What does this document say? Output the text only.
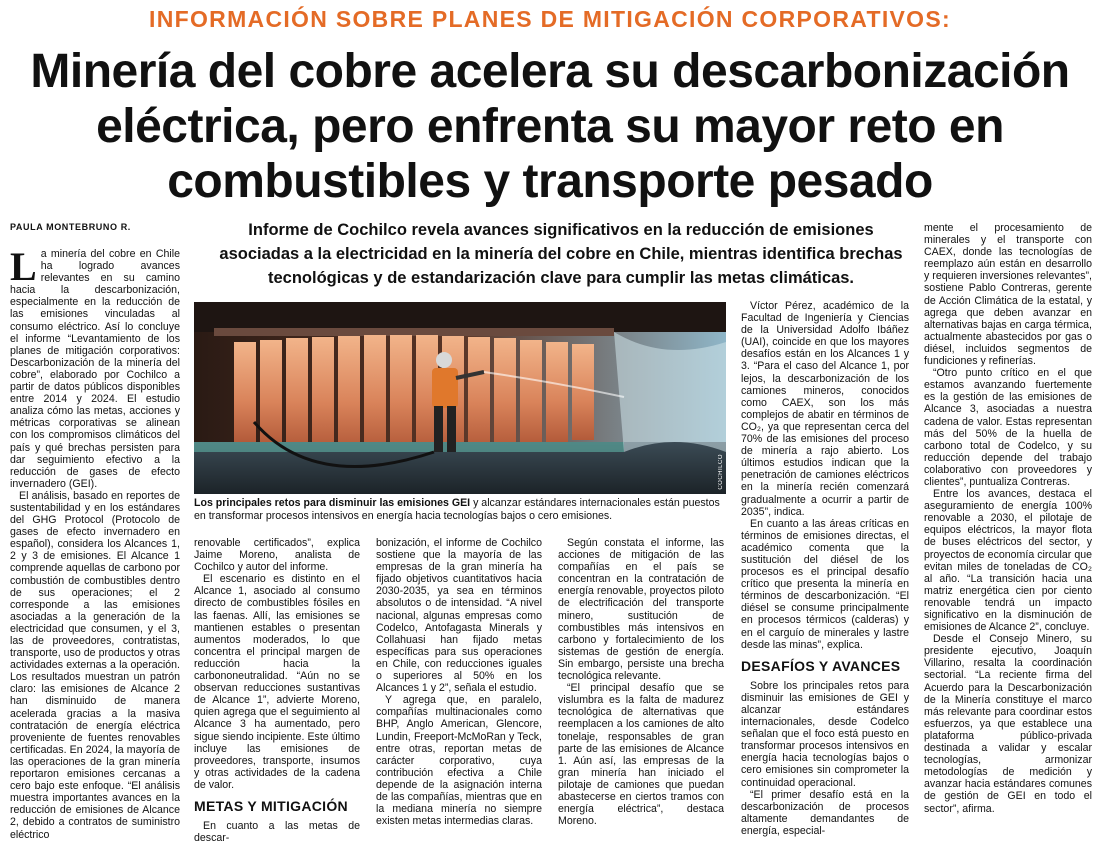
INFORMACIÓN SOBRE PLANES DE MITIGACIÓN CORPORATIVOS:
Minería del cobre acelera su descarbonización
eléctrica, pero enfrenta su mayor reto en
combustibles y transporte pesado
PAULA MONTEBRUNO R.	Informe de Cochilco revela avances significativos en la reducción de emisiones asociadas a la electricidad en la minería del cobre en Chile, mientras identifica brechas tecnológicas y de estandarización clave para cumplir las metas climáticas.

La minería del cobre en Chile ha logrado avances relevantes en su camino hacia la descarbonización, especialmente en la reducción de las emisiones vinculadas al consumo eléctrico. Así lo concluye el informe “Levantamiento de los planes de mitigación corporativos: Descarbonización de la minería del cobre”, elaborado por Cochilco a partir de datos públicos disponibles entre 2014 y 2024. El estudio analiza cómo las metas, acciones y métricas corporativas se alinean con los compromisos climáticos del país y qué brechas persisten para dar seguimiento efectivo a la reducción de gases de efecto invernadero (GEI).

El análisis, basado en reportes de sustentabilidad y en los estándares del GHG Protocol (Protocolo de gases de efecto invernadero en español), considera los Alcances 1, 2 y 3 de emisiones. El Alcance 1 comprende aquellas de carbono por combustión de combustibles dentro de sus operaciones; el 2 corresponde a las emisiones asociadas a la generación de la electricidad que consumen, y el 3, las de proveedores, contratistas, transporte, uso de productos y otras actividades externas a la operación. Los resultados muestran un patrón claro: las emisiones de Alcance 2 han disminuido de manera acelerada gracias a la masiva contratación de energía eléctrica proveniente de fuentes renovables certificadas. En 2024, la mayoría de las operaciones de la gran minería reportaron emisiones cercanas a cero bajo este enfoque. “El análisis muestra importantes avances en la reducción de emisiones de Alcance 2, debido a contratos de suministro eléctrico

COCHILCO
Los principales retos para disminuir las emisiones GEI y alcanzar estándares internacionales están puestos en transformar procesos intensivos en energía hacia tecnologías bajos o cero emisiones.

renovable certificados”, explica Jaime Moreno, analista de Cochilco y autor del informe.

El escenario es distinto en el Alcance 1, asociado al consumo directo de combustibles fósiles en las faenas. Allí, las emisiones se mantienen estables o presentan aumentos moderados, lo que concentra el principal margen de reducción hacia la carbononeutralidad. “Aún no se observan reducciones sustantivas de Alcance 1”, advierte Moreno, quien agrega que el seguimiento al Alcance 3 ha aumentado, pero sigue siendo incipiente. Este último incluye las emisiones de proveedores, transporte, insumos y otras actividades de la cadena de valor.

METAS Y MITIGACIÓN

En cuanto a las metas de descar-

bonización, el informe de Cochilco sostiene que la mayoría de las empresas de la gran minería ha fijado objetivos cuantitativos hacia 2030-2035, ya sea en términos absolutos o de intensidad. “A nivel nacional, algunas empresas como Codelco, Antofagasta Minerals y Collahuasi han fijado metas específicas para sus operaciones en Chile, con reducciones iguales o superiores al 50% en los Alcances 1 y 2”, señala el estudio.

Y agrega que, en paralelo, compañías multinacionales como BHP, Anglo American, Glencore, Lundin, Freeport-McMoRan y Teck, entre otras, reportan metas de carácter corporativo, cuya contribución efectiva a Chile depende de la asignación interna de las compañías, mientras que en la mediana minería no siempre existen metas intermedias claras.

Según constata el informe, las acciones de mitigación de las compañías en el país se concentran en la contratación de energía renovable, proyectos piloto de electrificación del transporte minero, sustitución de combustibles más intensivos en carbono y fortalecimiento de los sistemas de gestión de energía. Sin embargo, persiste una brecha tecnológica relevante.

“El principal desafío que se vislumbra es la falta de madurez tecnológica de alternativas que reemplacen a los camiones de alto tonelaje, responsables de gran parte de las emisiones de Alcance 1. Aún así, las empresas de la gran minería han iniciado el pilotaje de camiones que puedan abastecerse en ciertos tramos con energía eléctrica”, destaca Moreno.

Víctor Pérez, académico de la Facultad de Ingeniería y Ciencias de la Universidad Adolfo Ibáñez (UAI), coincide en que los mayores desafíos están en los Alcances 1 y 3. “Para el caso del Alcance 1, por lejos, la descarbonización de los camiones mineros, conocidos como CAEX, son los más complejos de abatir en términos de CO₂, ya que representan cerca del 70% de las emisiones del proceso de minería a rajo abierto. Los últimos estudios indican que la penetración de camiones eléctricos en la minería recién comenzará gradualmente a ocurrir a partir de 2035”, indica.

En cuanto a las áreas críticas en términos de emisiones directas, el académico comenta que la sustitución del diésel de los procesos es el principal desafío crítico que presenta la minería en términos de descarbonización. “El diésel se consume principalmente en procesos térmicos (calderas) y en el carguío de minerales y lastre desde las minas”, explica.

DESAFÍOS Y AVANCES

Sobre los principales retos para disminuir las emisiones de GEI y alcanzar estándares internacionales, desde Codelco señalan que el foco está puesto en transformar procesos intensivos en energía hacia tecnologías bajos o cero emisiones sin comprometer la continuidad operacional.

“El primer desafío está en la descarbonización de procesos altamente demandantes de energía, especial-

mente el procesamiento de minerales y el transporte con CAEX, donde las tecnologías de reemplazo aún están en desarrollo y requieren inversiones relevantes”, sostiene Pablo Contreras, gerente de Acción Climática de la estatal, y agrega que deben avanzar en alternativas bajas en carga térmica, actualmente abastecidos por gas o diésel, incluidos segmentos de fundiciones y refinerías.

“Otro punto crítico en el que estamos avanzando fuertemente es la gestión de las emisiones de Alcance 3, asociadas a nuestra cadena de valor. Estas representan más del 50% de la huella de carbono total de Codelco, y su reducción depende del trabajo colaborativo con proveedores y clientes”, puntualiza Contreras.

Entre los avances, destaca el aseguramiento de energía 100% renovable a 2030, el pilotaje de equipos eléctricos, la mayor flota de buses eléctricos del sector, y proyectos de economía circular que evitan miles de toneladas de CO₂ al año. “La transición hacia una matriz energética cien por ciento renovable tendrá un impacto significativo en la disminución de emisiones de Alcance 2”, concluye.

Desde el Consejo Minero, su presidente ejecutivo, Joaquín Villarino, resalta la coordinación sectorial. “La reciente firma del Acuerdo para la Descarbonización de la Minería constituye el marco más relevante para coordinar estos esfuerzos, ya que establece una plataforma público-privada destinada a validar y escalar tecnologías, armonizar metodologías de medición y avanzar hacia estándares comunes de gestión de GEI en todo el sector”, afirma.
